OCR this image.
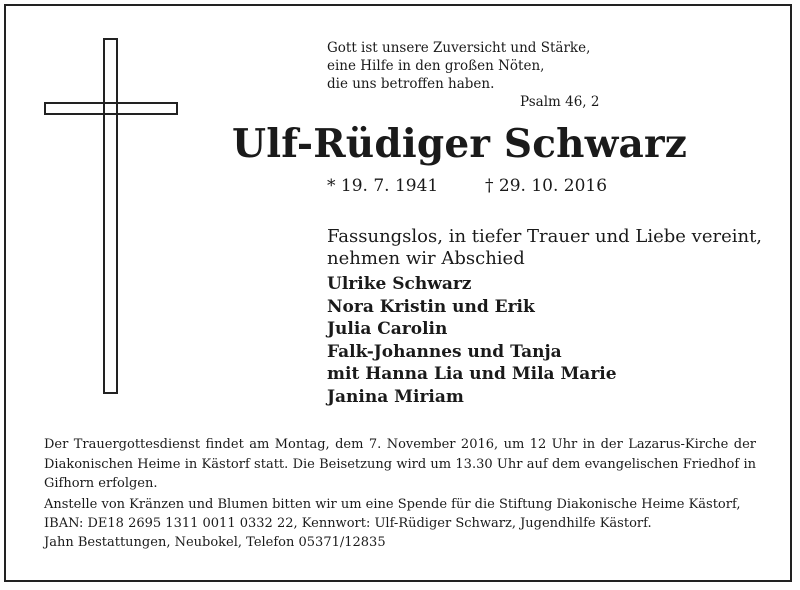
Gott ist unsere Zuversicht und Stärke,
eine Hilfe in den großen Nöten,
die uns betroffen haben.
Psalm 46, 2
Ulf-Rüdiger Schwarz
* 19. 7. 1941	† 29. 10. 2016
Fassungslos, in tiefer Trauer und Liebe vereint,
nehmen wir Abschied
Ulrike Schwarz
Nora Kristin und Erik
Julia Carolin
Falk-Johannes und Tanja
mit Hanna Lia und Mila Marie
Janina Miriam

Der Trauergottesdienst findet am Montag, dem 7. November 2016, um 12 Uhr in der Lazarus-Kirche der Diakonischen Heime in Kästorf statt. Die Beisetzung wird um 13.30 Uhr auf dem evangelischen Friedhof in Gifhorn erfolgen.

Anstelle von Kränzen und Blumen bitten wir um eine Spende für die Stiftung Diakonische Heime Kästorf, IBAN: DE18 2695 1311 0011 0332 22, Kennwort: Ulf-Rüdiger Schwarz, Jugendhilfe Kästorf.

Jahn Bestattungen, Neubokel, Telefon 05371/12835
